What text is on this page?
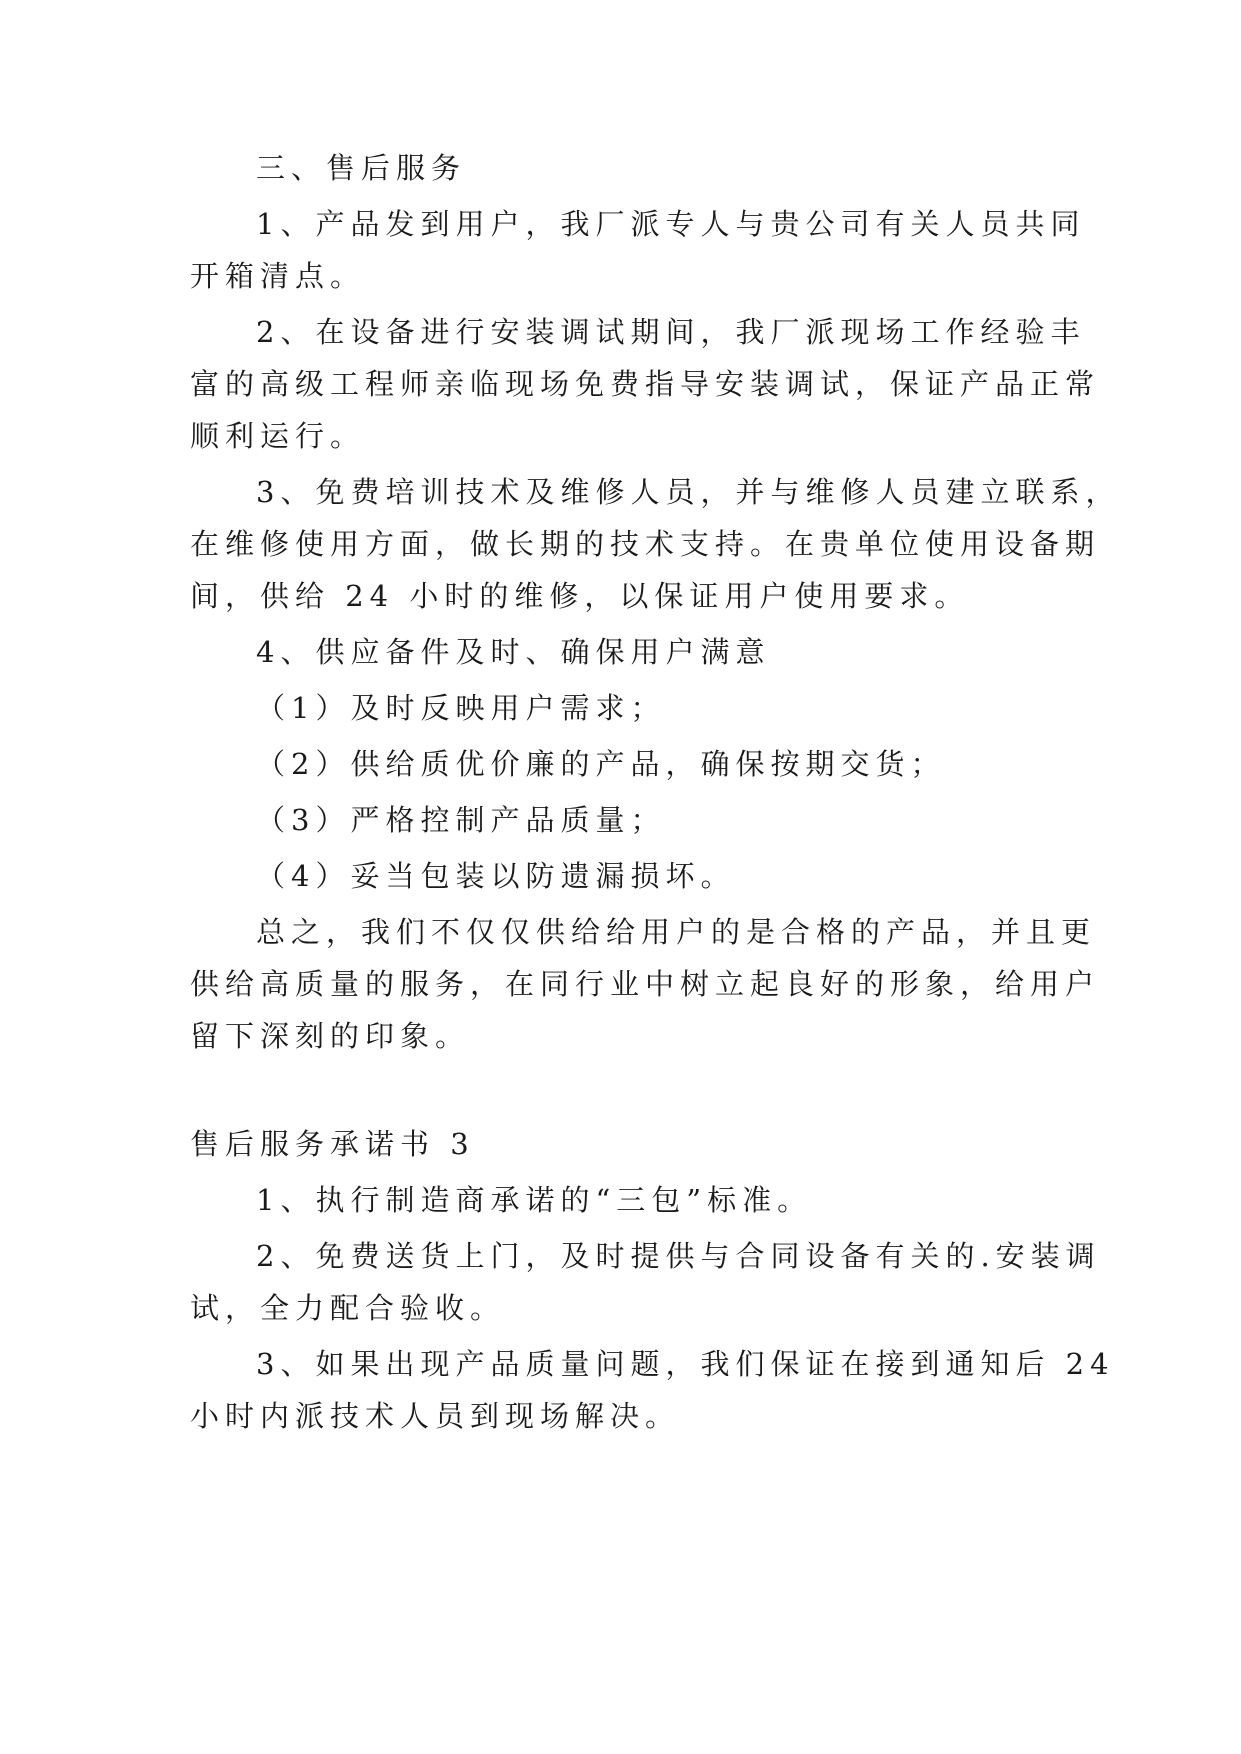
三、售后服务
1、产品发到用户，我厂派专人与贵公司有关人员共同
开箱清点。
2、在设备进行安装调试期间，我厂派现场工作经验丰
富的高级工程师亲临现场免费指导安装调试，保证产品正常
顺利运行。
3、免费培训技术及维修人员，并与维修人员建立联系，
在维修使用方面，做长期的技术支持。在贵单位使用设备期
间，供给 24 小时的维修，以保证用户使用要求。
4、供应备件及时、确保用户满意
（1）及时反映用户需求；
（2）供给质优价廉的产品，确保按期交货；
（3）严格控制产品质量；
（4）妥当包装以防遗漏损坏。
总之，我们不仅仅供给给用户的是合格的产品，并且更
供给高质量的服务，在同行业中树立起良好的形象，给用户
留下深刻的印象。
售后服务承诺书 3
1、执行制造商承诺的“三包”标准。
2、免费送货上门，及时提供与合同设备有关的.安装调
试，全力配合验收。
3、如果出现产品质量问题，我们保证在接到通知后 24
小时内派技术人员到现场解决。
